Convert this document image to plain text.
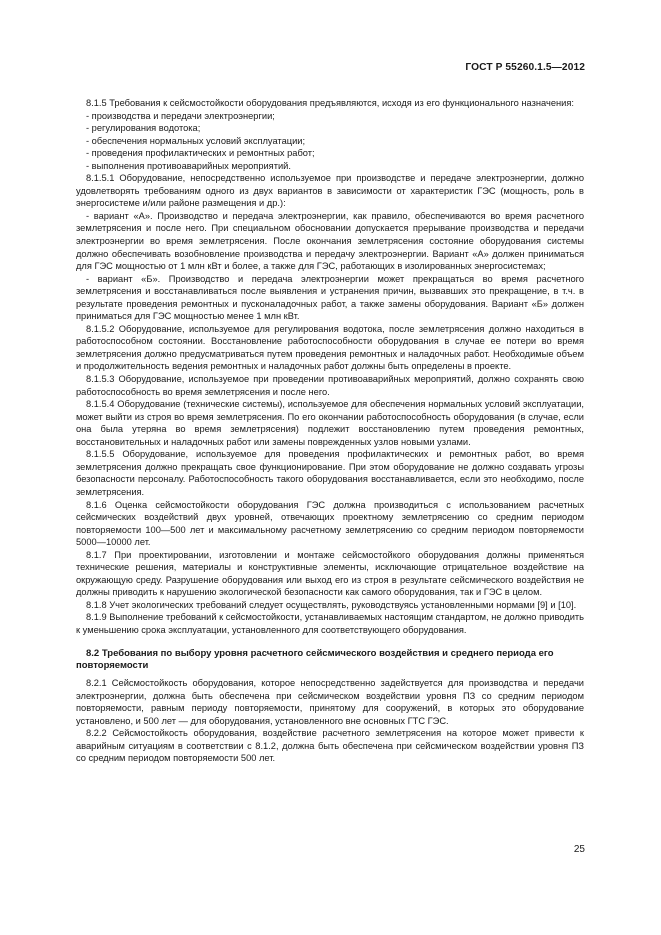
ГОСТ Р 55260.1.5—2012

8.1.5 Требования к сейсмостойкости оборудования предъявляются, исходя из его функционального назначения:

- производства и передачи электроэнергии;

- регулирования водотока;

- обеспечения нормальных условий эксплуатации;

- проведения профилактических и ремонтных работ;

- выполнения противоаварийных мероприятий.

8.1.5.1 Оборудование, непосредственно используемое при производстве и передаче электроэнергии, должно удовлетворять требованиям одного из двух вариантов в зависимости от характеристик ГЭС (мощность, роль в энергосистеме и/или районе размещения и др.):

- вариант «А». Производство и передача электроэнергии, как правило, обеспечиваются во время расчетного землетрясения и после него. При специальном обосновании допускается прерывание производства и передачи электроэнергии во время землетрясения. После окончания землетрясения состояние оборудования системы должно обеспечивать возобновление производства и передачу электроэнергии. Вариант «А» должен приниматься для ГЭС мощностью от 1 млн кВт и более, а также для ГЭС, работающих в изолированных энергосистемах;

- вариант «Б». Производство и передача электроэнергии может прекращаться во время расчетного землетрясения и восстанавливаться после выявления и устранения причин, вызвавших это прекращение, в т.ч. в результате проведения ремонтных и пусконаладочных работ, а также замены оборудования. Вариант «Б» должен приниматься для ГЭС мощностью менее 1 млн кВт.

8.1.5.2 Оборудование, используемое для регулирования водотока, после землетрясения должно находиться в работоспособном состоянии. Восстановление работоспособности оборудования в случае ее потери во время землетрясения должно предусматриваться путем проведения ремонтных и наладочных работ. Необходимые объем и продолжительность ведения ремонтных и наладочных работ должны быть определены в проекте.

8.1.5.3 Оборудование, используемое при проведении противоаварийных мероприятий, должно сохранять свою работоспособность во время землетрясения и после него.

8.1.5.4 Оборудование (технические системы), используемое для обеспечения нормальных условий эксплуатации, может выйти из строя во время землетрясения. По его окончании работоспособность оборудования (в случае, если она была утеряна во время землетрясения) подлежит восстановлению путем проведения ремонтных, восстановительных и наладочных работ или замены поврежденных узлов новыми узлами.

8.1.5.5 Оборудование, используемое для проведения профилактических и ремонтных работ, во время землетрясения должно прекращать свое функционирование. При этом оборудование не должно создавать угрозы безопасности персоналу. Работоспособность такого оборудования восстанавливается, если это необходимо, после землетрясения.

8.1.6 Оценка сейсмостойкости оборудования ГЭС должна производиться с использованием расчетных сейсмических воздействий двух уровней, отвечающих проектному землетрясению со средним периодом повторяемости 100—500 лет и максимальному расчетному землетрясению со средним периодом повторяемости 5000—10000 лет.

8.1.7 При проектировании, изготовлении и монтаже сейсмостойкого оборудования должны применяться технические решения, материалы и конструктивные элементы, исключающие отрицательное воздействие на окружающую среду. Разрушение оборудования или выход его из строя в результате сейсмического воздействия не должны приводить к нарушению экологической безопасности как самого оборудования, так и ГЭС в целом.

8.1.8 Учет экологических требований следует осуществлять, руководствуясь установленными нормами [9] и [10].

8.1.9 Выполнение требований к сейсмостойкости, устанавливаемых настоящим стандартом, не должно приводить к уменьшению срока эксплуатации, установленного для соответствующего оборудования.

8.2 Требования по выбору уровня расчетного сейсмического воздействия и среднего периода его повторяемости

8.2.1 Сейсмостойкость оборудования, которое непосредственно задействуется для производства и передачи электроэнергии, должна быть обеспечена при сейсмическом воздействии уровня ПЗ со средним периодом повторяемости, равным периоду повторяемости, принятому для сооружений, в которых это оборудование установлено, и 500 лет — для оборудования, установленного вне основных ГТС ГЭС.

8.2.2 Сейсмостойкость оборудования, воздействие расчетного землетрясения на которое может привести к аварийным ситуациям в соответствии с 8.1.2, должна быть обеспечена при сейсмическом воздействии уровня ПЗ со средним периодом повторяемости 500 лет.

25
